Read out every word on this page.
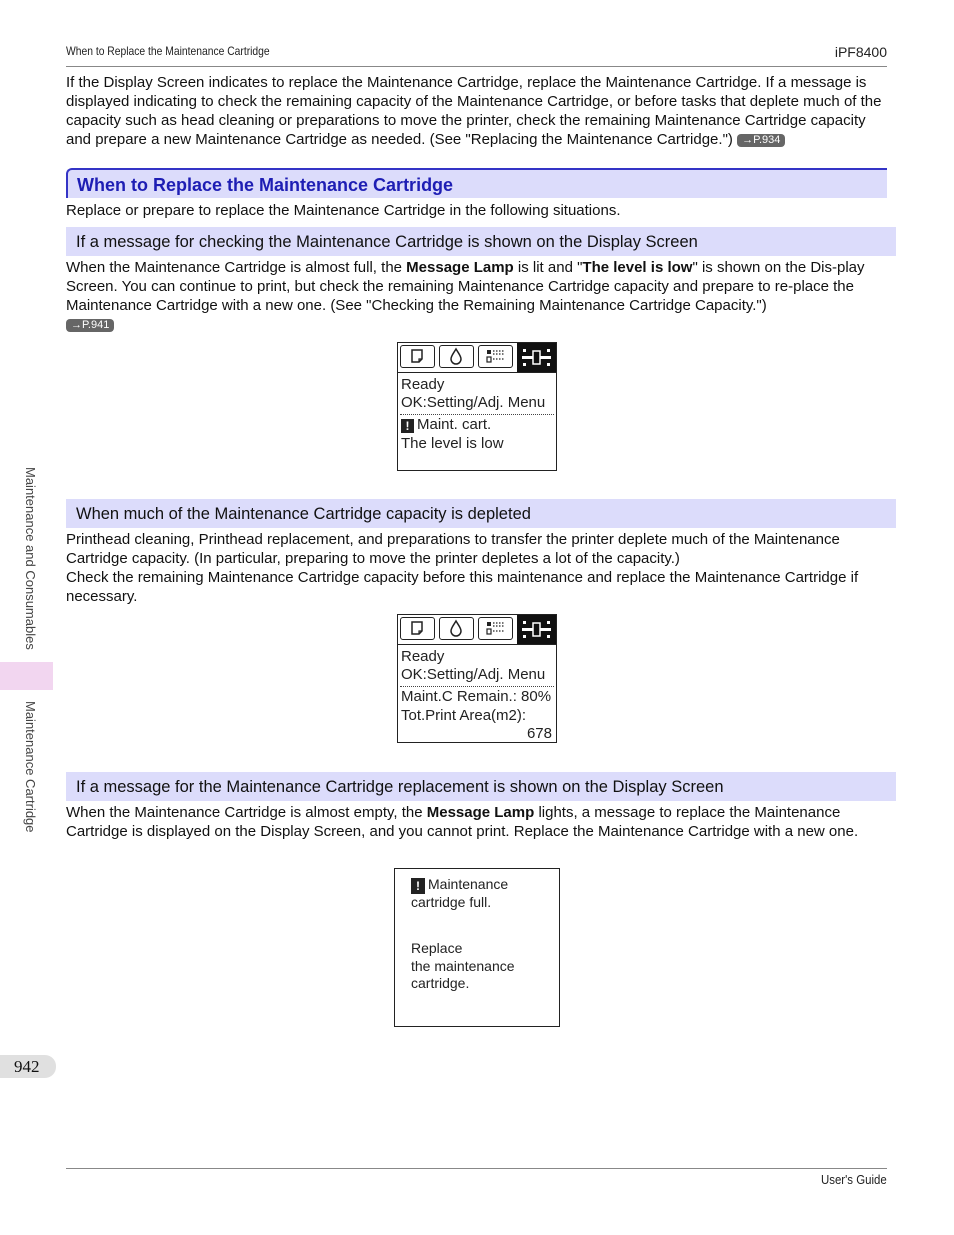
When to Replace the Maintenance Cartridge	iPF8400
If the Display Screen indicates to replace the Maintenance Cartridge, replace the Maintenance Cartridge. If a message is displayed indicating to check the remaining capacity of the Maintenance Cartridge, or before tasks that deplete much of the capacity such as head cleaning or preparations to move the printer, check the remaining Maintenance Cartridge capacity and prepare a new Maintenance Cartridge as needed. (See "Replacing the Maintenance Cartridge.") →P.934
When to Replace the Maintenance Cartridge
Replace or prepare to replace the Maintenance Cartridge in the following situations.
If a message for checking the Maintenance Cartridge is shown on the Display Screen
When the Maintenance Cartridge is almost full, the Message Lamp is lit and "The level is low" is shown on the Dis-play Screen. You can continue to print, but check the remaining Maintenance Cartridge capacity and prepare to re-place the Maintenance Cartridge with a new one. (See "Checking the Remaining Maintenance Cartridge Capacity.")
→P.941
Ready
OK:Setting/Adj. Menu
! Maint. cart.
The level is low
When much of the Maintenance Cartridge capacity is depleted
Printhead cleaning, Printhead replacement, and preparations to transfer the printer deplete much of the Maintenance Cartridge capacity. (In particular, preparing to move the printer depletes a lot of the capacity.)
Check the remaining Maintenance Cartridge capacity before this maintenance and replace the Maintenance Cartridge if necessary.
Ready
OK:Setting/Adj. Menu
Maint.C Remain.: 80%
Tot.Print Area(m2):
678
If a message for the Maintenance Cartridge replacement is shown on the Display Screen
When the Maintenance Cartridge is almost empty, the Message Lamp lights, a message to replace the Maintenance Cartridge is displayed on the Display Screen, and you cannot print. Replace the Maintenance Cartridge with a new one.
! Maintenance
cartridge full.
Replace
the maintenance
cartridge.
Maintenance and Consumables
Maintenance Cartridge
942
User's Guide
